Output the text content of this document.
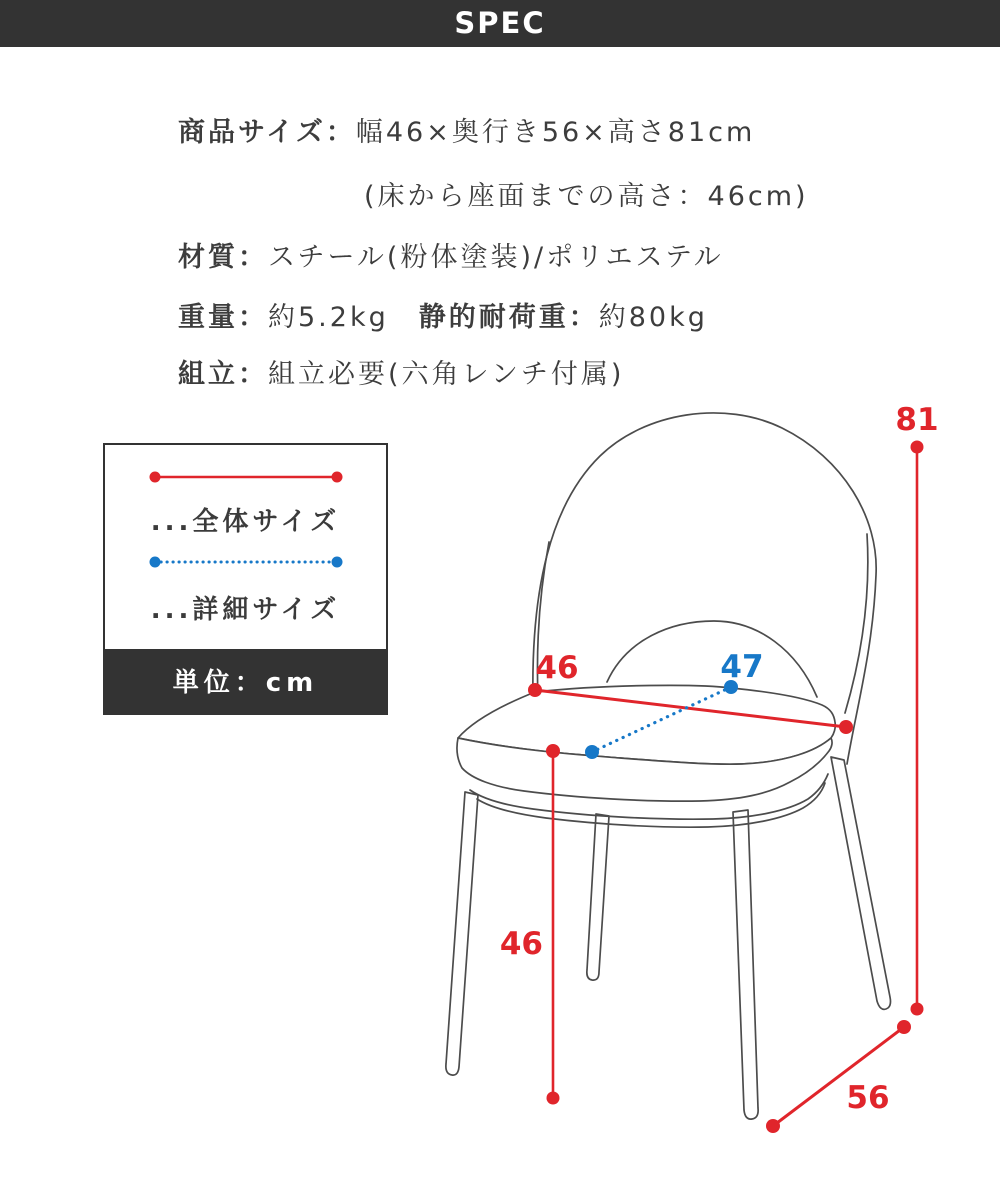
SPEC
商品サイズ：幅46×奥行き56×高さ81cm
(床から座面までの高さ：46cm)
材質：スチール(粉体塗装)/ポリエステル
重量：約5.2kg 静的耐荷重：約80kg
組立：組立必要(六角レンチ付属)
...全体サイズ
...詳細サイズ
単位：cm
81
46	47
46
56
